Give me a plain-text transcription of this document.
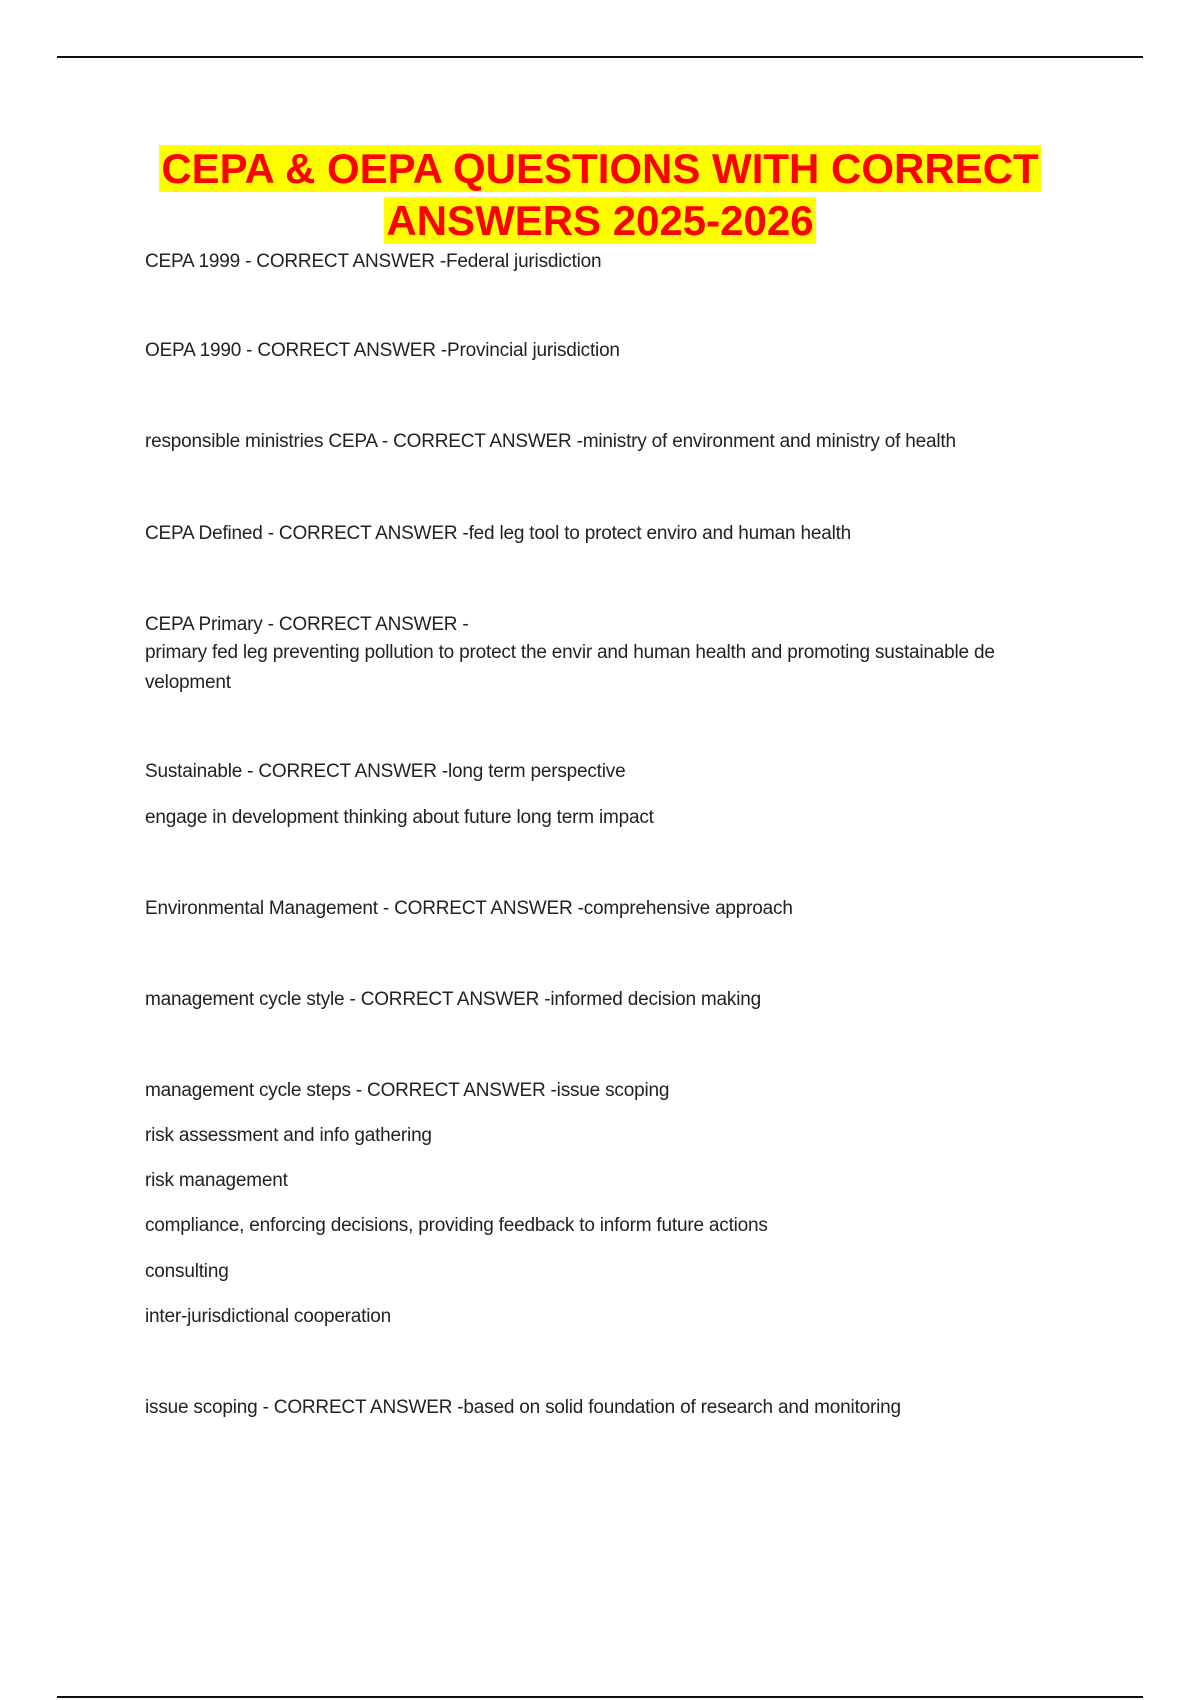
CEPA & OEPA QUESTIONS WITH CORRECT
ANSWERS 2025-2026
CEPA 1999 - CORRECT ANSWER -Federal jurisdiction
OEPA 1990 - CORRECT ANSWER -Provincial jurisdiction
responsible ministries CEPA - CORRECT ANSWER -ministry of environment and ministry of health
CEPA Defined - CORRECT ANSWER -fed leg tool to protect enviro and human health
CEPA Primary - CORRECT ANSWER -
primary fed leg preventing pollution to protect the envir and human health and promoting sustainable de velopment
Sustainable - CORRECT ANSWER -long term perspective
engage in development thinking about future long term impact
Environmental Management - CORRECT ANSWER -comprehensive approach
management cycle style - CORRECT ANSWER -informed decision making
management cycle steps - CORRECT ANSWER -issue scoping
risk assessment and info gathering
risk management
compliance, enforcing decisions, providing feedback to inform future actions
consulting
inter-jurisdictional cooperation
issue scoping - CORRECT ANSWER -based on solid foundation of research and monitoring
